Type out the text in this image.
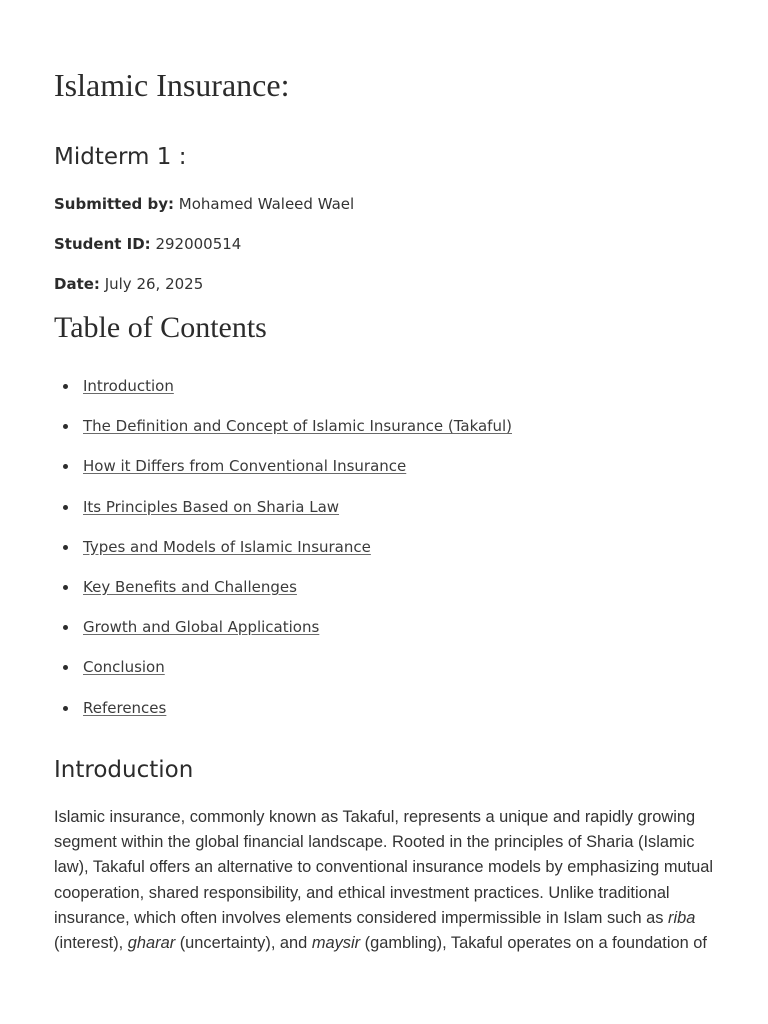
Islamic Insurance:
Midterm 1 :

Submitted by: Mohamed Waleed Wael

Student ID: 292000514

Date: July 26, 2025

Table of Contents
Introduction
The Definition and Concept of Islamic Insurance (Takaful)
How it Differs from Conventional Insurance
Its Principles Based on Sharia Law
Types and Models of Islamic Insurance
Key Benefits and Challenges
Growth and Global Applications
Conclusion
References
Introduction

Islamic insurance, commonly known as Takaful, represents a unique and rapidly growing segment within the global financial landscape. Rooted in the principles of Sharia (Islamic law), Takaful offers an alternative to conventional insurance models by emphasizing mutual cooperation, shared responsibility, and ethical investment practices. Unlike traditional insurance, which often involves elements considered impermissible in Islam such as riba (interest), gharar (uncertainty), and maysir (gambling), Takaful operates on a foundation of
